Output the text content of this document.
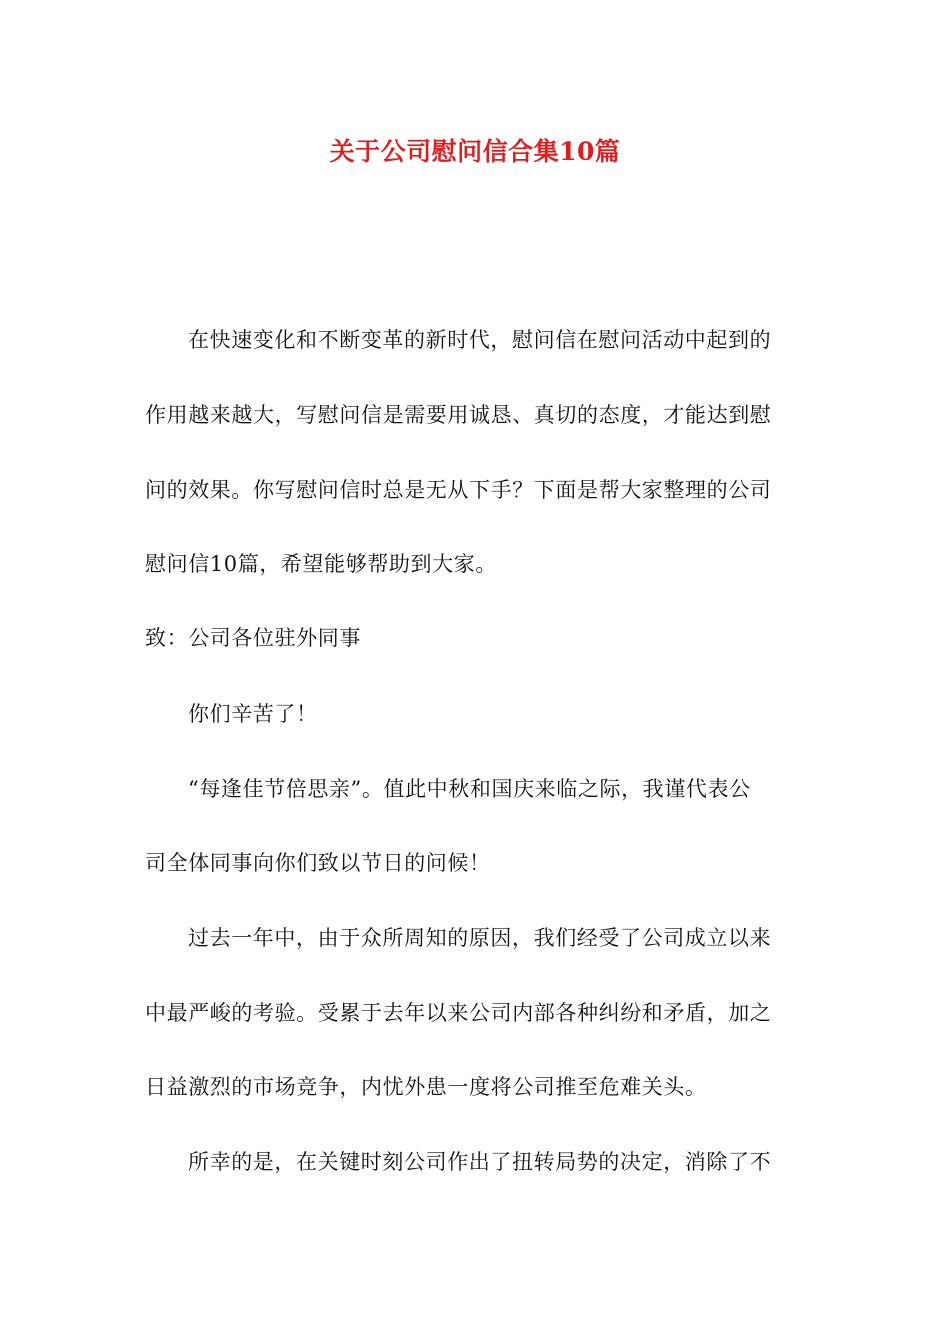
关于公司慰问信合集10篇
在快速变化和不断变革的新时代，慰问信在慰问活动中起到的
作用越来越大，写慰问信是需要用诚恳、真切的态度，才能达到慰
问的效果。你写慰问信时总是无从下手？下面是帮大家整理的公司
慰问信10篇，希望能够帮助到大家。
致：公司各位驻外同事
你们辛苦了！
“每逢佳节倍思亲”。值此中秋和国庆来临之际，我谨代表公
司全体同事向你们致以节日的问候！
过去一年中，由于众所周知的原因，我们经受了公司成立以来
中最严峻的考验。受累于去年以来公司内部各种纠纷和矛盾，加之
日益激烈的市场竞争，内忧外患一度将公司推至危难关头。
所幸的是，在关键时刻公司作出了扭转局势的决定，消除了不
